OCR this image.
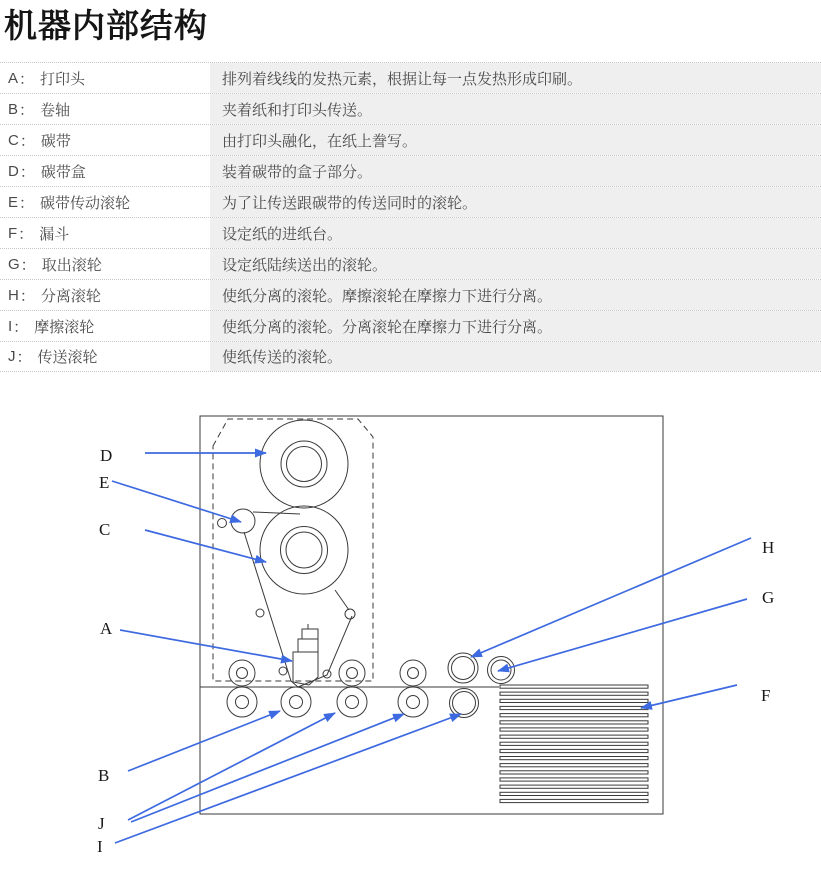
机器内部结构
A ： 打印头	排列着线线的发热元素，根据让每一点发热形成印刷。
B ： 卷轴	夹着纸和打印头传送。
C ： 碳带	由打印头融化，在纸上誊写。
D ： 碳带盒	装着碳带的盒子部分。
E ： 碳带传动滚轮	为了让传送跟碳带的传送同时的滚轮。
F ： 漏斗	设定纸的进纸台。
G ： 取出滚轮	设定纸陆续送出的滚轮。
H ： 分离滚轮	使纸分离的滚轮。摩擦滚轮在摩擦力下进行分离。
I ： 摩擦滚轮	使纸分离的滚轮。分离滚轮在摩擦力下进行分离。
J ： 传送滚轮	使纸传送的滚轮。
D
E
C
A
B
J
I
H
G
F
